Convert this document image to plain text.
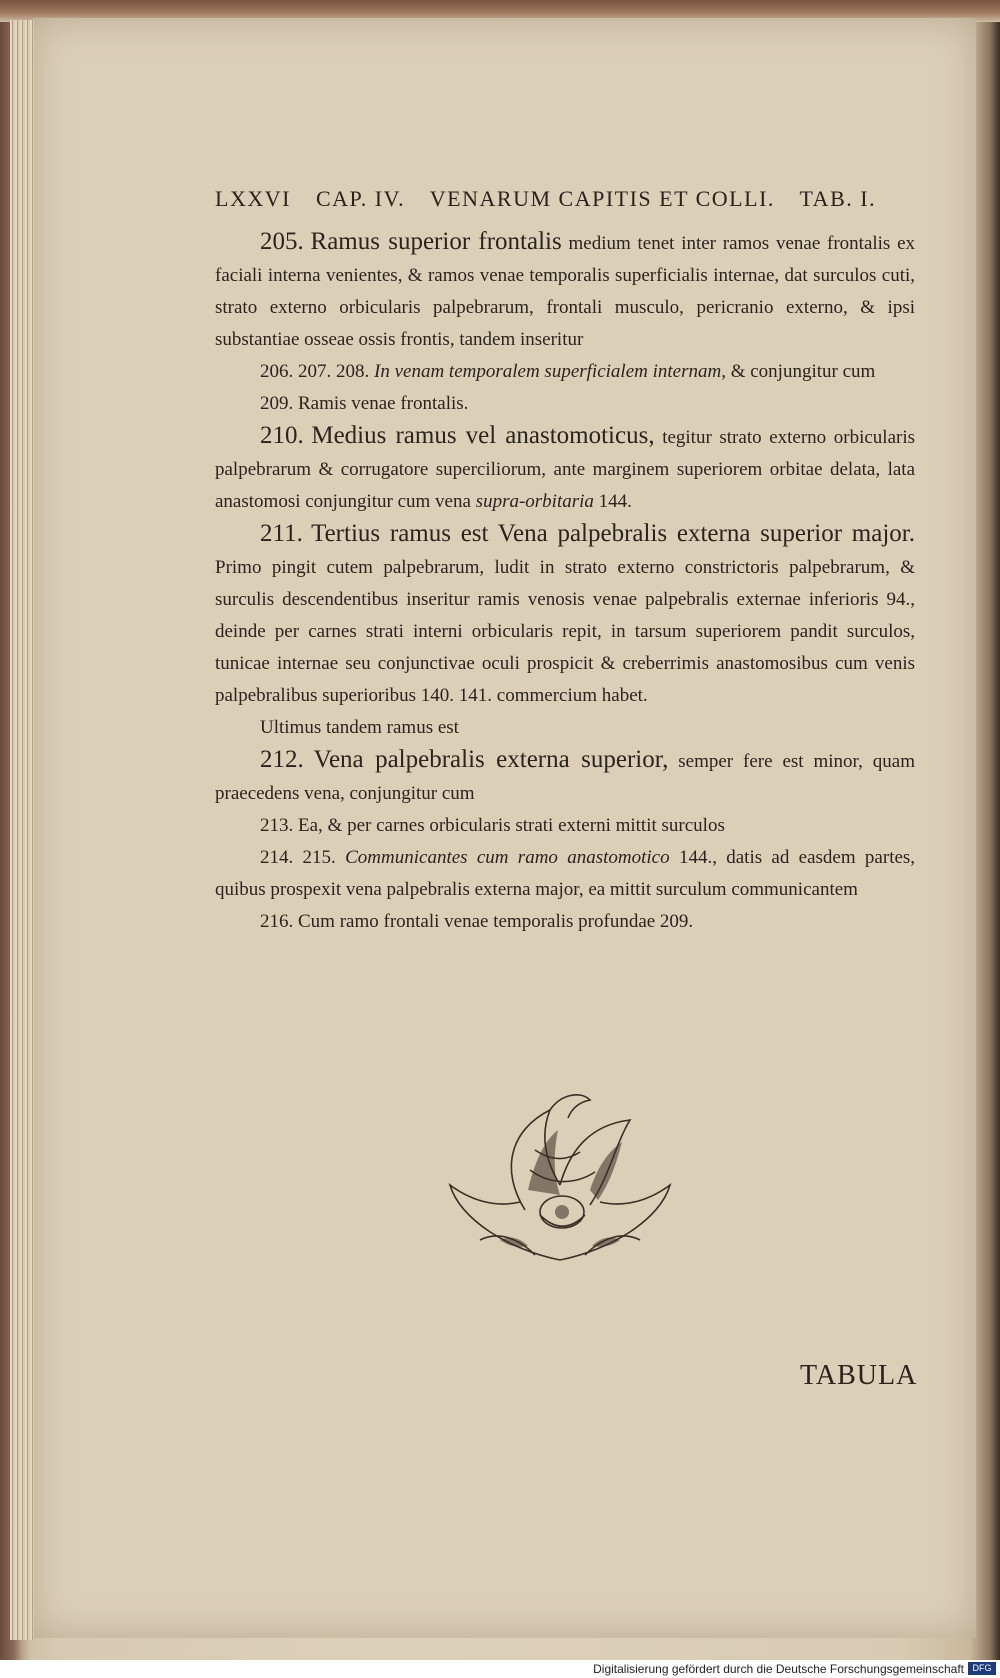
LXXVI CAP. IV. VENARUM CAPITIS ET COLLI. TAB. I.

205. Ramus superior frontalis medium tenet inter ramos venae frontalis ex faciali interna venientes, & ramos venae temporalis superficialis internae, dat surculos cuti, strato externo orbicularis palpebrarum, frontali musculo, pericranio externo, & ipsi substantiae osseae ossis frontis, tandem inseritur

206. 207. 208. In venam temporalem superficialem internam, & conjungitur cum

209. Ramis venae frontalis.

210. Medius ramus vel anastomoticus, tegitur strato externo orbicularis palpebrarum & corrugatore superciliorum, ante marginem superiorem orbitae delata, lata anastomosi conjungitur cum vena supra-orbitaria 144.

211. Tertius ramus est Vena palpebralis externa superior major. Primo pingit cutem palpebrarum, ludit in strato externo constrictoris palpebrarum, & surculis descendentibus inseritur ramis venosis venae palpebralis externae inferioris 94., deinde per carnes strati interni orbicularis repit, in tarsum superiorem pandit surculos, tunicae internae seu conjunctivae oculi prospicit & creberrimis anastomosibus cum venis palpebralibus superioribus 140. 141. commercium habet.

Ultimus tandem ramus est

212. Vena palpebralis externa superior, semper fere est minor, quam praecedens vena, conjungitur cum

213. Ea, & per carnes orbicularis strati externi mittit surculos

214. 215. Communicantes cum ramo anastomotico 144., datis ad easdem partes, quibus prospexit vena palpebralis externa major, ea mittit surculum communicantem

216. Cum ramo frontali venae temporalis profundae 209.

TABULA
Digitalisierung gefördert durch die Deutsche Forschungsgemeinschaft DFG
